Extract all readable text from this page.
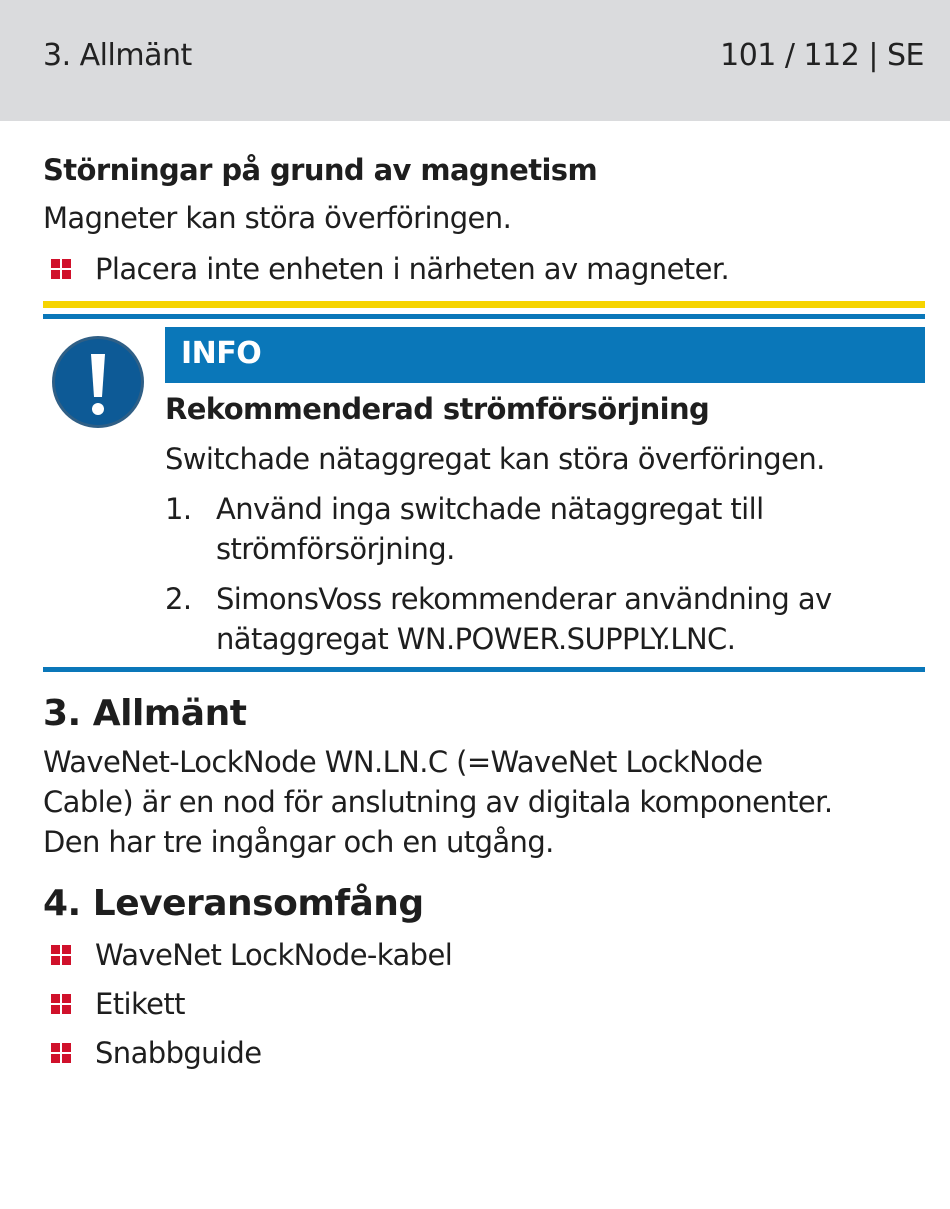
3. Allmänt	101 / 112 | SE

Störningar på grund av magnetism

Magneter kan störa överföringen.

Placera inte enheten i närheten av magneter.
INFO

Rekommenderad strömförsörjning

Switchade nätaggregat kan störa överföringen.

1. Använd inga switchade nätaggregat till
strömförsörjning.
2. SimonsVoss rekommenderar användning av
nätaggregat WN.POWER.SUPPLY.LNC.

3. Allmänt

WaveNet-LockNode WN.LN.C (=WaveNet LockNode
Cable) är en nod för anslutning av digitala komponenter.
Den har tre ingångar och en utgång.

4. Leveransomfång

WaveNet LockNode-kabel
Etikett
Snabbguide
